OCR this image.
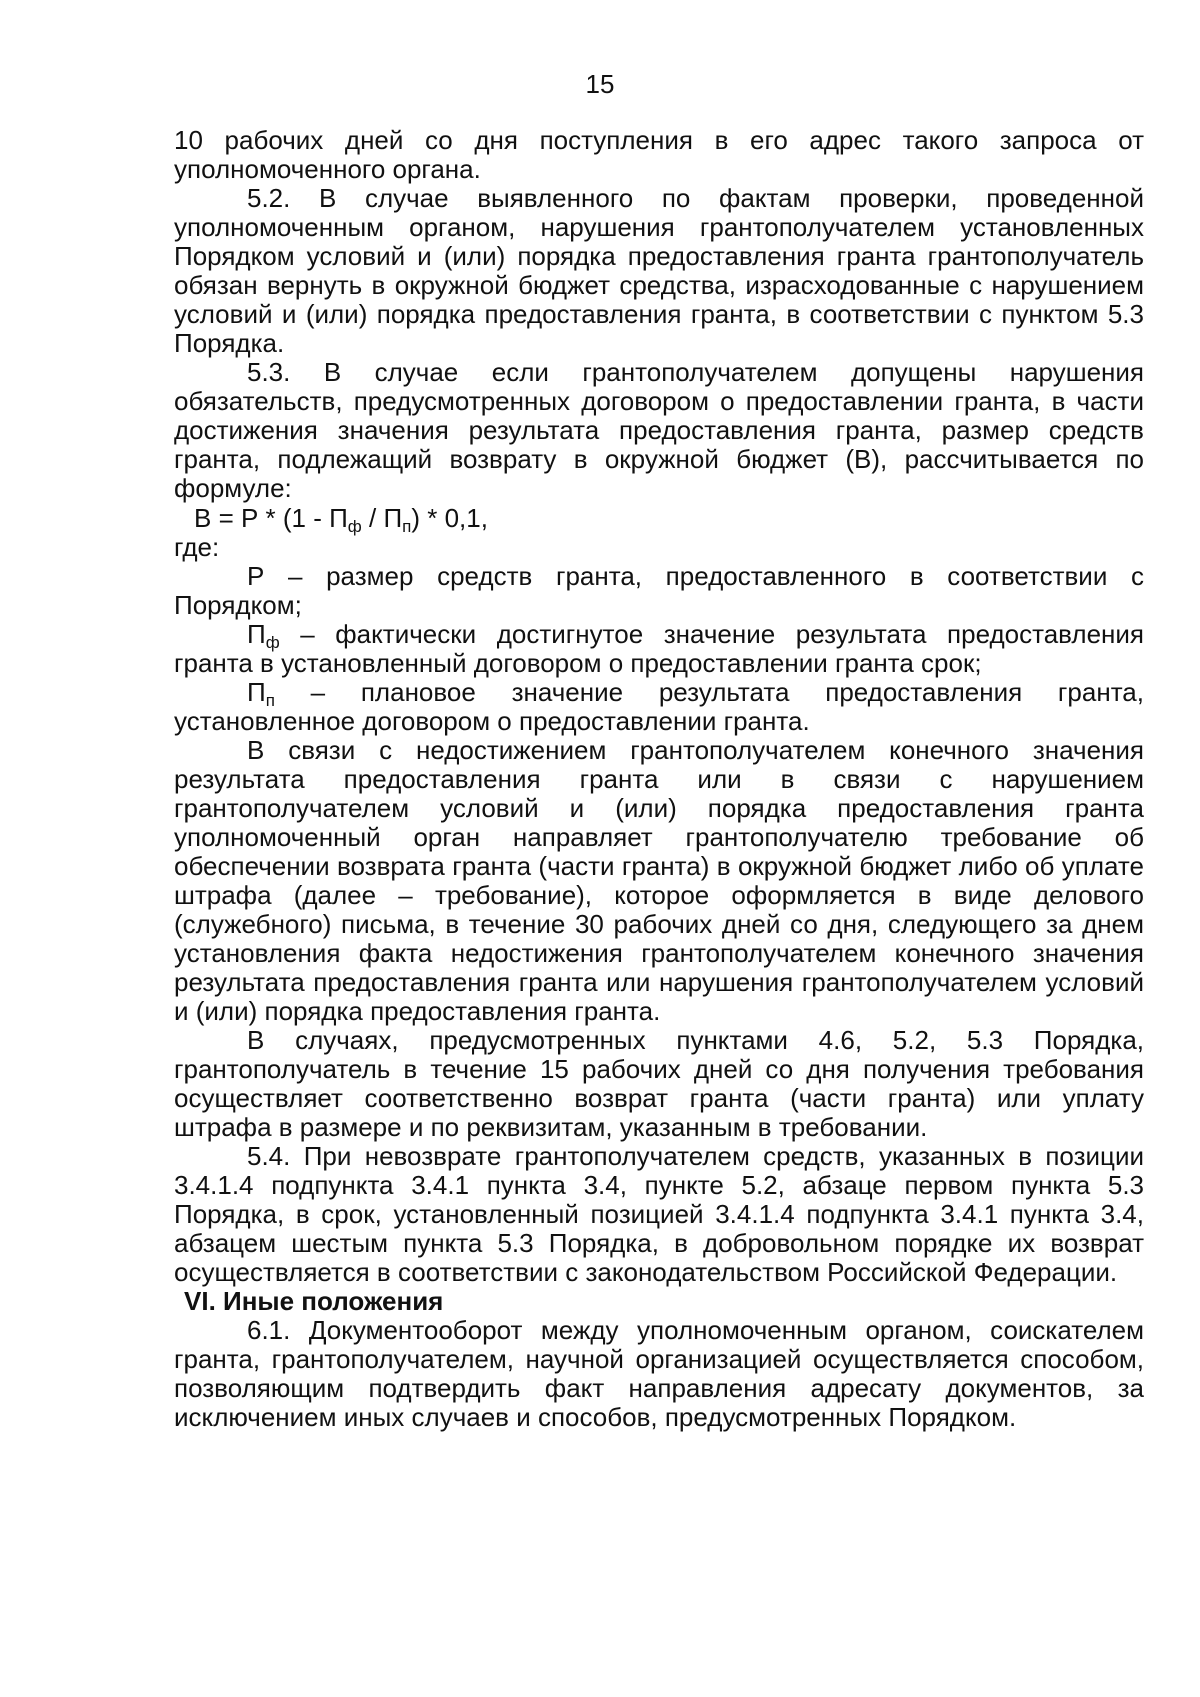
15

10 рабочих дней со дня поступления в его адрес такого запроса от уполномоченного органа.

5.2. В случае выявленного по фактам проверки, проведенной уполномоченным органом, нарушения грантополучателем установленных Порядком условий и (или) порядка предоставления гранта грантополучатель обязан вернуть в окружной бюджет средства, израсходованные с нарушением условий и (или) порядка предоставления гранта, в соответствии с пунктом 5.3 Порядка.

5.3. В случае если грантополучателем допущены нарушения обязательств, предусмотренных договором о предоставлении гранта, в части достижения значения результата предоставления гранта, размер средств гранта, подлежащий возврату в окружной бюджет (В), рассчитывается по формуле:

$В = Р * (1 - П_ф / П_п) * 0,1$,

где:

Р – размер средств гранта, предоставленного в соответствии с Порядком;

$П_ф$ – фактически достигнутое значение результата предоставления гранта в установленный договором о предоставлении гранта срок;

$П_п$ – плановое значение результата предоставления гранта, установленное договором о предоставлении гранта.

В связи с недостижением грантополучателем конечного значения результата предоставления гранта или в связи с нарушением грантополучателем условий и (или) порядка предоставления гранта уполномоченный орган направляет грантополучателю требование об обеспечении возврата гранта (части гранта) в окружной бюджет либо об уплате штрафа (далее – требование), которое оформляется в виде делового (служебного) письма, в течение 30 рабочих дней со дня, следующего за днем установления факта недостижения грантополучателем конечного значения результата предоставления гранта или нарушения грантополучателем условий и (или) порядка предоставления гранта.

В случаях, предусмотренных пунктами 4.6, 5.2, 5.3 Порядка, грантополучатель в течение 15 рабочих дней со дня получения требования осуществляет соответственно возврат гранта (части гранта) или уплату штрафа в размере и по реквизитам, указанным в требовании.

5.4. При невозврате грантополучателем средств, указанных в позиции 3.4.1.4 подпункта 3.4.1 пункта 3.4, пункте 5.2, абзаце первом пункта 5.3 Порядка, в срок, установленный позицией 3.4.1.4 подпункта 3.4.1 пункта 3.4, абзацем шестым пункта 5.3 Порядка, в добровольном порядке их возврат осуществляется в соответствии с законодательством Российской Федерации.

VI. Иные положения

6.1. Документооборот между уполномоченным органом, соискателем гранта, грантополучателем, научной организацией осуществляется способом, позволяющим подтвердить факт направления адресату документов, за исключением иных случаев и способов, предусмотренных Порядком.
